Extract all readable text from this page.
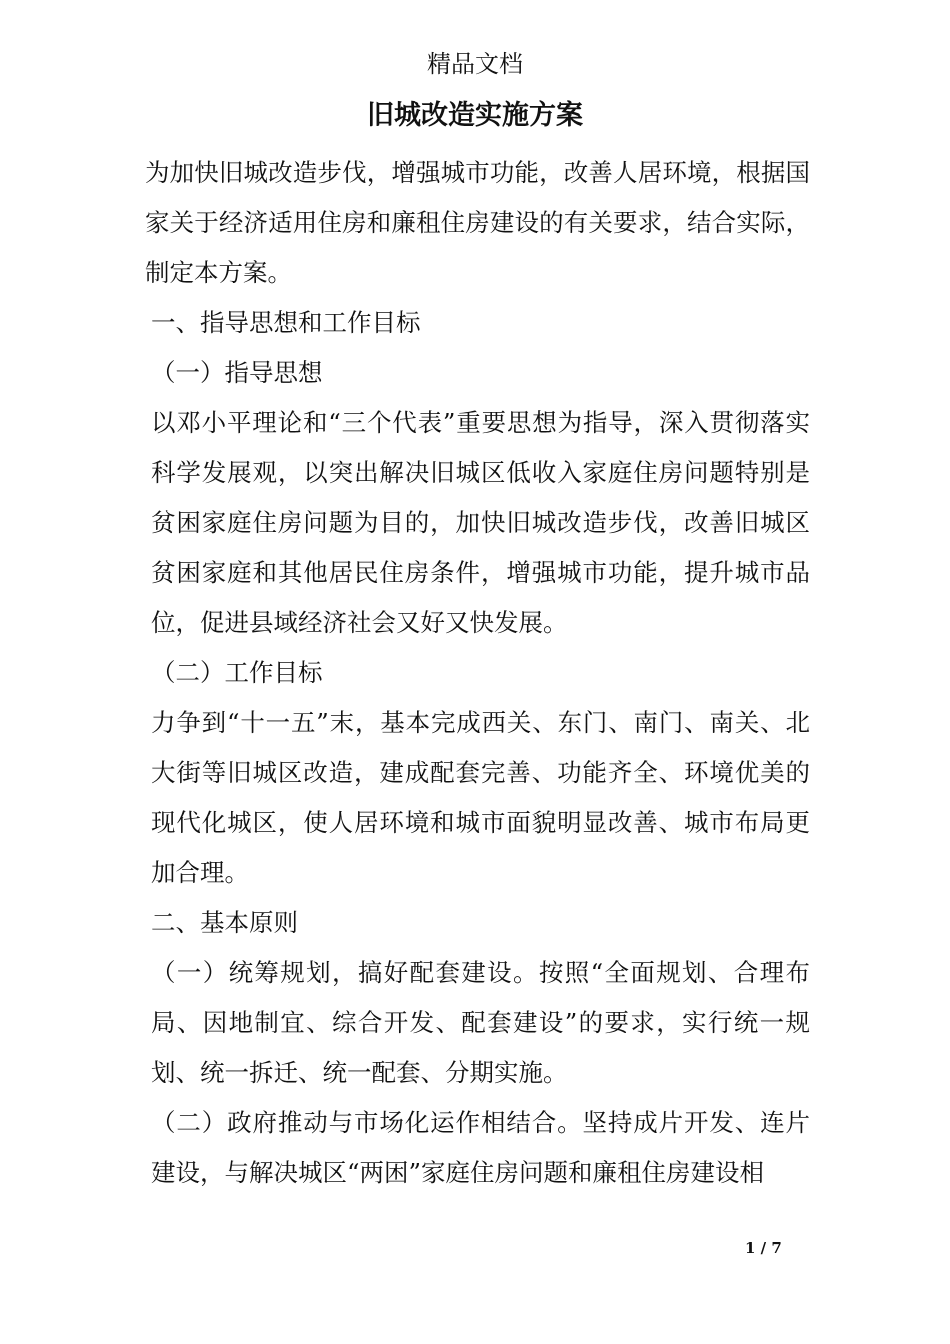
精品文档
旧城改造实施方案

为加快旧城改造步伐，增强城市功能，改善人居环境，根据国家关于经济适用住房和廉租住房建设的有关要求，结合实际，制定本方案。

一、指导思想和工作目标

（一）指导思想

以邓小平理论和“三个代表”重要思想为指导，深入贯彻落实科学发展观，以突出解决旧城区低收入家庭住房问题特别是贫困家庭住房问题为目的，加快旧城改造步伐，改善旧城区贫困家庭和其他居民住房条件，增强城市功能，提升城市品位，促进县域经济社会又好又快发展。

（二）工作目标

力争到“十一五”末，基本完成西关、东门、南门、南关、北大街等旧城区改造，建成配套完善、功能齐全、环境优美的现代化城区，使人居环境和城市面貌明显改善、城市布局更加合理。

二、基本原则

（一）统筹规划，搞好配套建设。按照“全面规划、合理布局、因地制宜、综合开发、配套建设”的要求，实行统一规划、统一拆迁、统一配套、分期实施。

（二）政府推动与市场化运作相结合。坚持成片开发、连片建设，与解决城区“两困”家庭住房问题和廉租住房建设相

1 / 7
